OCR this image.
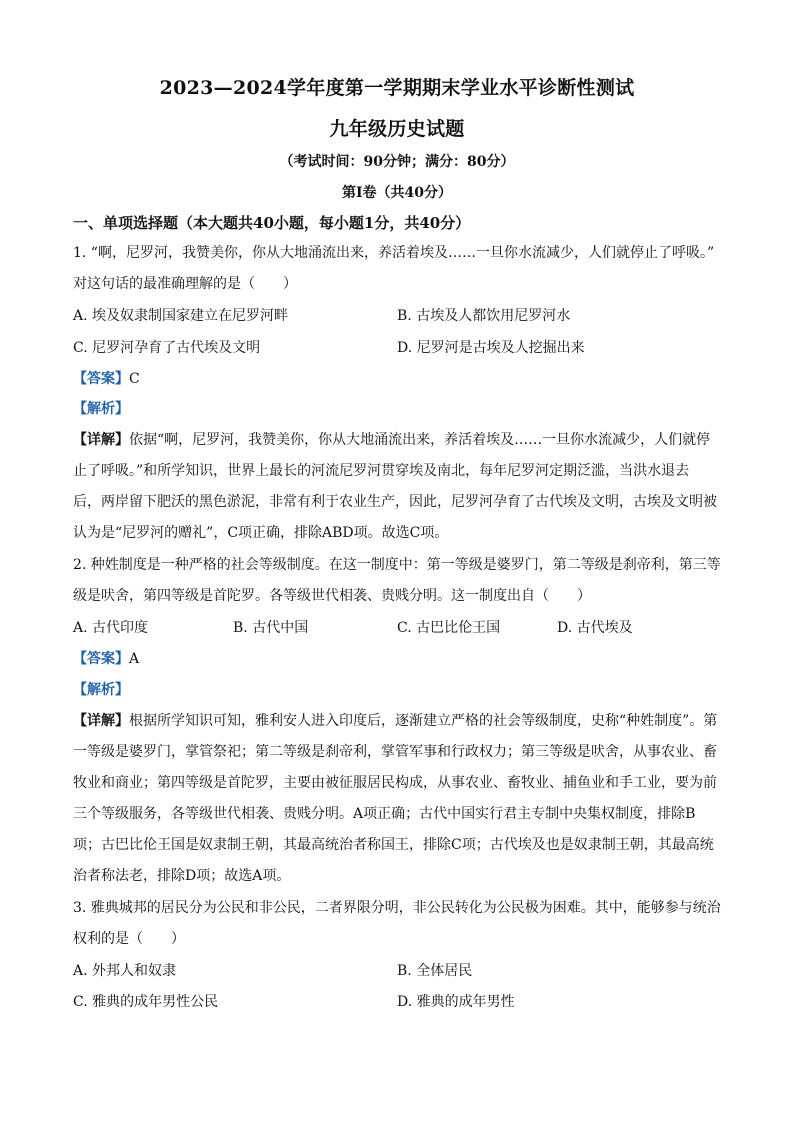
2023—2024学年度第一学期期末学业水平诊断性测试
九年级历史试题
（考试时间：90分钟；满分：80分）
第Ⅰ卷（共40分）
一、单项选择题（本大题共40小题，每小题1分，共40分）
1. “啊，尼罗河，我赞美你，你从大地涌流出来，养活着埃及……一旦你水流减少，人们就停止了呼吸。”
对这句话的最准确理解的是（　　）
A. 埃及奴隶制国家建立在尼罗河畔	B. 古埃及人都饮用尼罗河水
C. 尼罗河孕育了古代埃及文明	D. 尼罗河是古埃及人挖掘出来
【答案】C
【解析】
【详解】依据“啊，尼罗河，我赞美你，你从大地涌流出来，养活着埃及……一旦你水流减少，人们就停
止了呼吸。”和所学知识，世界上最长的河流尼罗河贯穿埃及南北，每年尼罗河定期泛滥，当洪水退去
后，两岸留下肥沃的黑色淤泥，非常有利于农业生产，因此，尼罗河孕育了古代埃及文明，古埃及文明被
认为是“尼罗河的赠礼”，C项正确，排除ABD项。故选C项。
2. 种姓制度是一种严格的社会等级制度。在这一制度中：第一等级是婆罗门，第二等级是刹帝利，第三等
级是吠舍，第四等级是首陀罗。各等级世代相袭、贵贱分明。这一制度出自（　　）
A. 古代印度	B. 古代中国	C. 古巴比伦王国	D. 古代埃及
【答案】A
【解析】
【详解】根据所学知识可知，雅利安人进入印度后，逐渐建立严格的社会等级制度，史称“种姓制度”。第
一等级是婆罗门，掌管祭祀；第二等级是刹帝利，掌管军事和行政权力；第三等级是吠舍，从事农业、畜
牧业和商业；第四等级是首陀罗，主要由被征服居民构成，从事农业、畜牧业、捕鱼业和手工业，要为前
三个等级服务，各等级世代相袭、贵贱分明。A项正确；古代中国实行君主专制中央集权制度，排除B
项；古巴比伦王国是奴隶制王朝，其最高统治者称国王，排除C项；古代埃及也是奴隶制王朝，其最高统
治者称法老，排除D项；故选A项。
3. 雅典城邦的居民分为公民和非公民，二者界限分明，非公民转化为公民极为困难。其中，能够参与统治
权利的是（　　）
A. 外邦人和奴隶	B. 全体居民
C. 雅典的成年男性公民	D. 雅典的成年男性
